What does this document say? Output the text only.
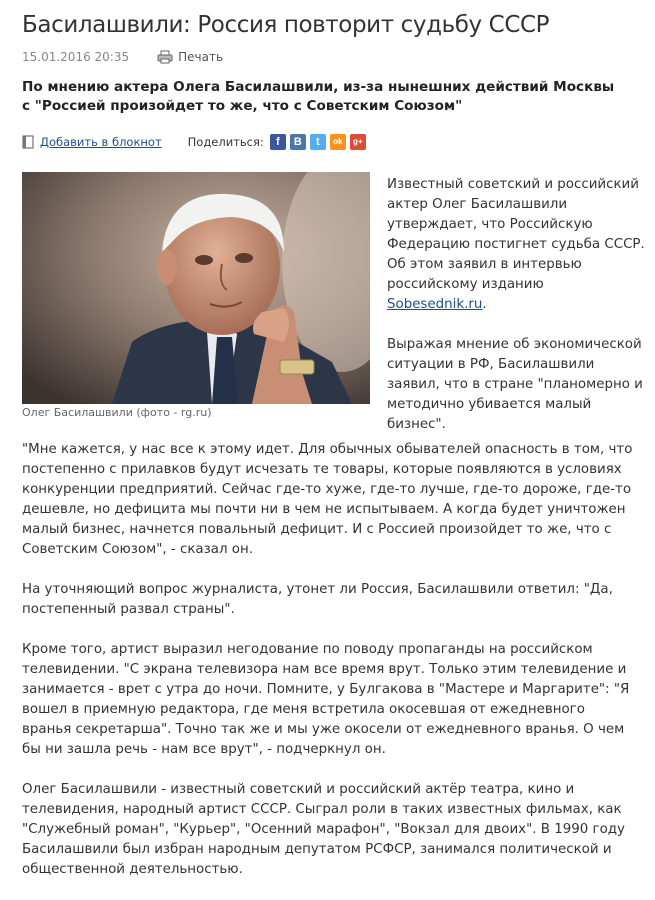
Басилашвили: Россия повторит судьбу СССР
15.01.2016 20:35	Печать
По мнению актера Олега Басилашвили, из-за нынешних действий Москвы с "Россией произойдет то же, что с Советским Союзом"
Добавить в блокнот Поделиться:	f	B	t	ok	g+
Олег Басилашвили (фото - rg.ru)

Известный советский и российский актер Олег Басилашвили утверждает, что Российскую Федерацию постигнет судьба СССР. Об этом заявил в интервью российскому изданию Sobesednik.ru.

Выражая мнение об экономической ситуации в РФ, Басилашвили заявил, что в стране "планомерно и методично убивается малый бизнес".

"Мне кажется, у нас все к этому идет. Для обычных обывателей опасность в том, что постепенно с прилавков будут исчезать те товары, которые появляются в условиях конкуренции предприятий. Сейчас где-то хуже, где-то лучше, где-то дороже, где-то дешевле, но дефицита мы почти ни в чем не испытываем. А когда будет уничтожен малый бизнес, начнется повальный дефицит. И с Россией произойдет то же, что с Советским Союзом", - сказал он.

На уточняющий вопрос журналиста, утонет ли Россия, Басилашвили ответил: "Да, постепенный развал страны".

Кроме того, артист выразил негодование по поводу пропаганды на российском телевидении. "С экрана телевизора нам все время врут. Только этим телевидение и занимается - врет с утра до ночи. Помните, у Булгакова в "Мастере и Маргарите": "Я вошел в приемную редактора, где меня встретила окосевшая от ежедневного вранья секретарша". Точно так же и мы уже окосели от ежедневного вранья. О чем бы ни зашла речь - нам все врут", - подчеркнул он.

Олег Басилашвили - известный советский и российский актёр театра, кино и телевидения, народный артист СССР. Сыграл роли в таких известных фильмах, как "Служебный роман", "Курьер", "Осенний марафон", "Вокзал для двоих". В 1990 году Басилашвили был избран народным депутатом РСФСР, занимался политической и общественной деятельностью.
